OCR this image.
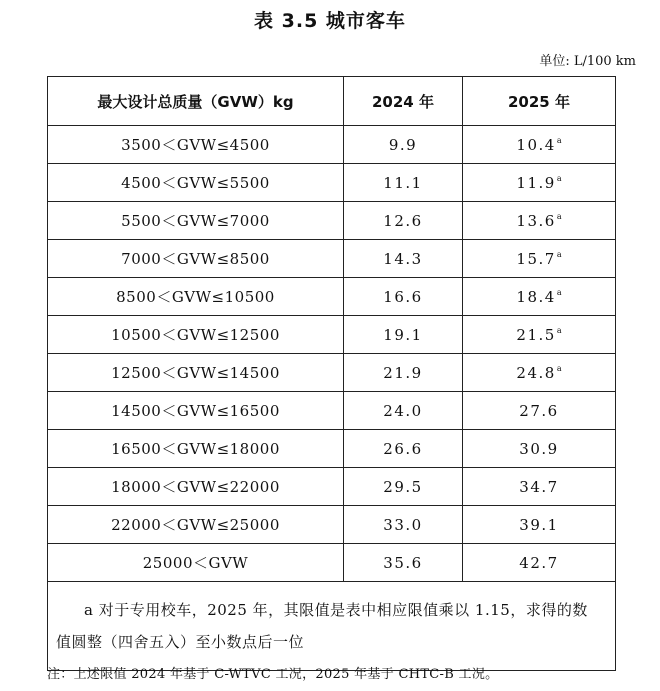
表 3.5 城市客车
单位: L/100 km
最大设计总质量（GVW）kg	2024 年	2025 年
3500＜GVW≤4500	9.9	10.4$^a$
4500＜GVW≤5500	11.1	11.9$^a$
5500＜GVW≤7000	12.6	13.6$^a$
7000＜GVW≤8500	14.3	15.7$^a$
8500＜GVW≤10500	16.6	18.4$^a$
10500＜GVW≤12500	19.1	21.5$^a$
12500＜GVW≤14500	21.9	24.8$^a$
14500＜GVW≤16500	24.0	27.6
16500＜GVW≤18000	26.6	30.9
18000＜GVW≤22000	29.5	34.7
22000＜GVW≤25000	33.0	39.1
25000＜GVW	35.6	42.7
a 对于专用校车，2025 年，其限值是表中相应限值乘以 1.15，求得的数值圆整（四舍五入）至小数点后一位		
注：上述限值 2024 年基于 C-WTVC 工况，2025 年基于 CHTC-B 工况。
